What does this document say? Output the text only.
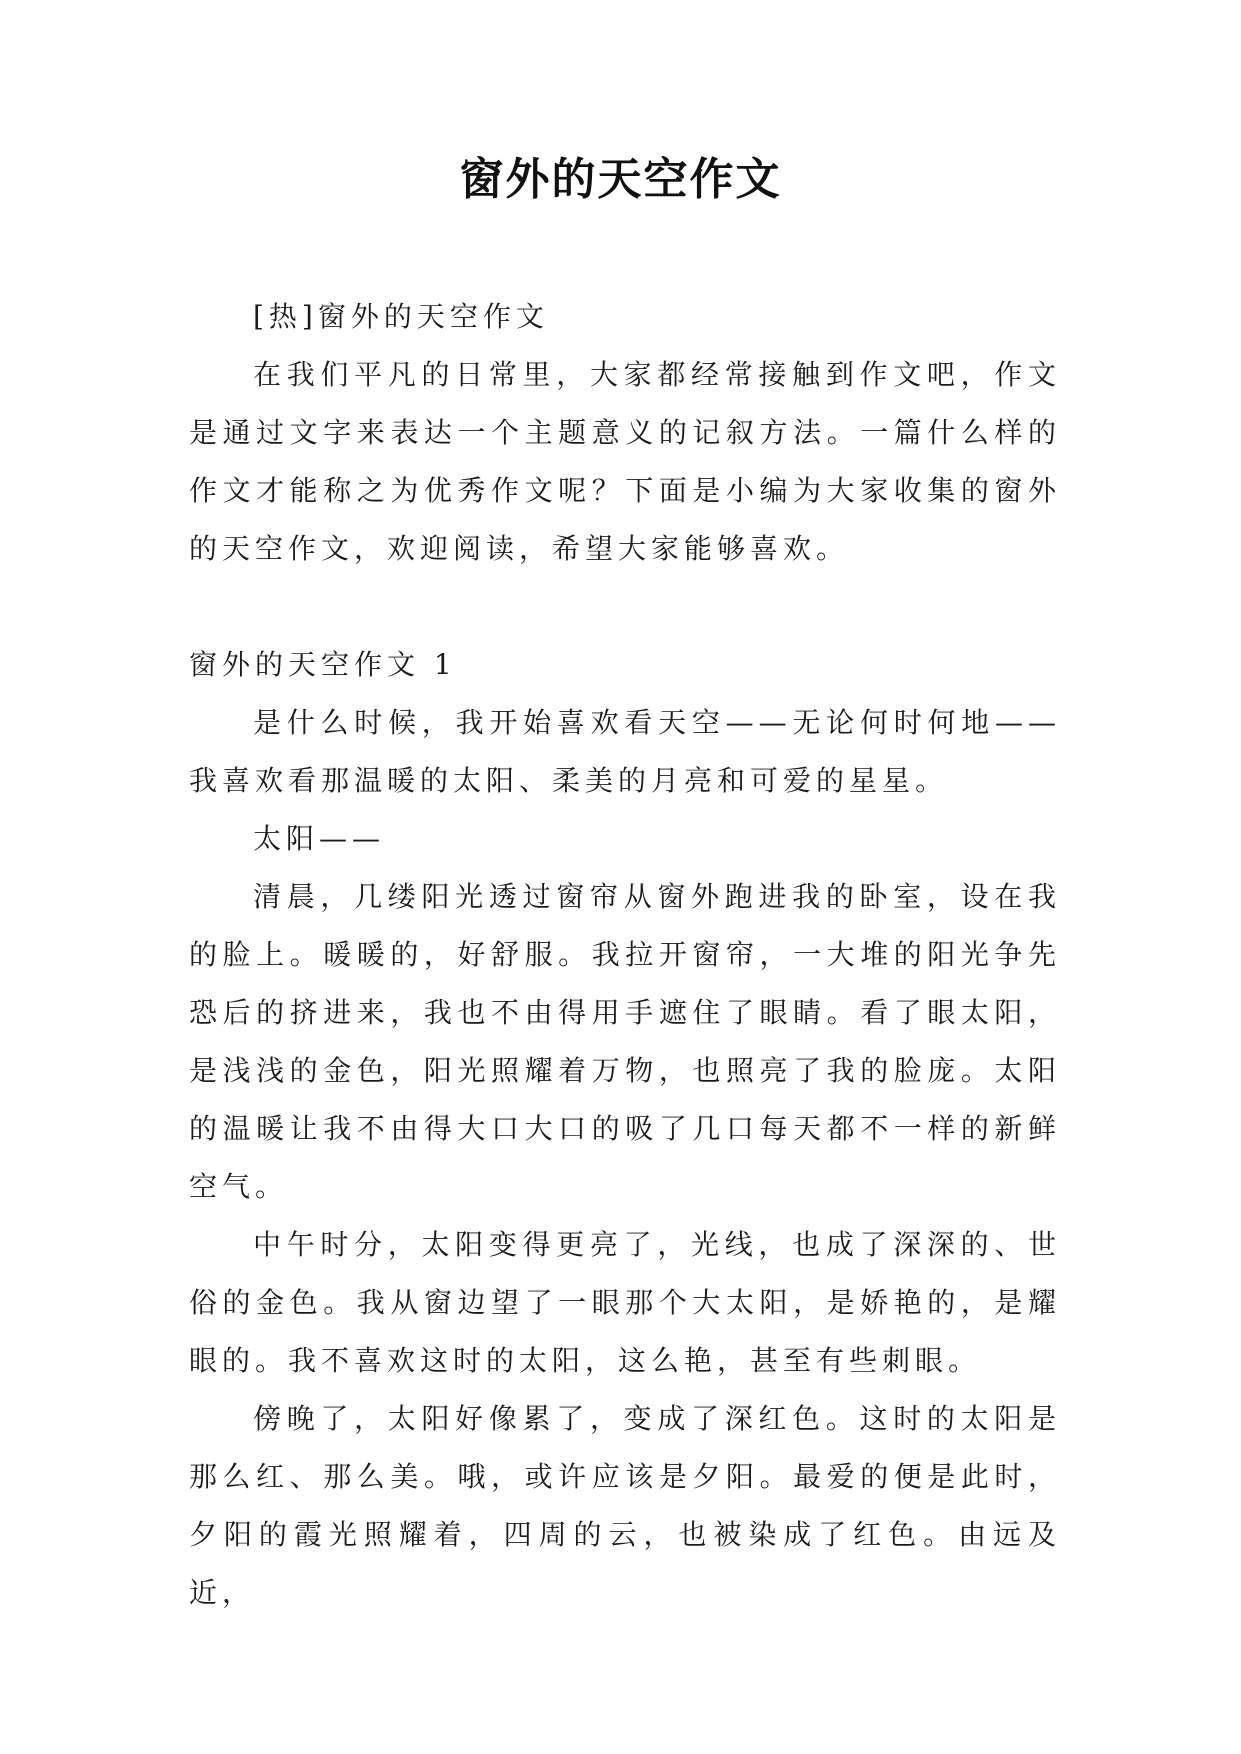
窗外的天空作文

[热]窗外的天空作文

在我们平凡的日常里，大家都经常接触到作文吧，作文是通过文字来表达一个主题意义的记叙方法。一篇什么样的作文才能称之为优秀作文呢？下面是小编为大家收集的窗外的天空作文，欢迎阅读，希望大家能够喜欢。

窗外的天空作文 1

是什么时候，我开始喜欢看天空——无论何时何地——我喜欢看那温暖的太阳、柔美的月亮和可爱的星星。

太阳——

清晨，几缕阳光透过窗帘从窗外跑进我的卧室，设在我的脸上。暖暖的，好舒服。我拉开窗帘，一大堆的阳光争先恐后的挤进来，我也不由得用手遮住了眼睛。看了眼太阳，是浅浅的金色，阳光照耀着万物，也照亮了我的脸庞。太阳的温暖让我不由得大口大口的吸了几口每天都不一样的新鲜空气。

中午时分，太阳变得更亮了，光线，也成了深深的、世俗的金色。我从窗边望了一眼那个大太阳，是娇艳的，是耀眼的。我不喜欢这时的太阳，这么艳，甚至有些刺眼。

傍晚了，太阳好像累了，变成了深红色。这时的太阳是那么红、那么美。哦，或许应该是夕阳。最爱的便是此时，夕阳的霞光照耀着，四周的云，也被染成了红色。由远及近，
